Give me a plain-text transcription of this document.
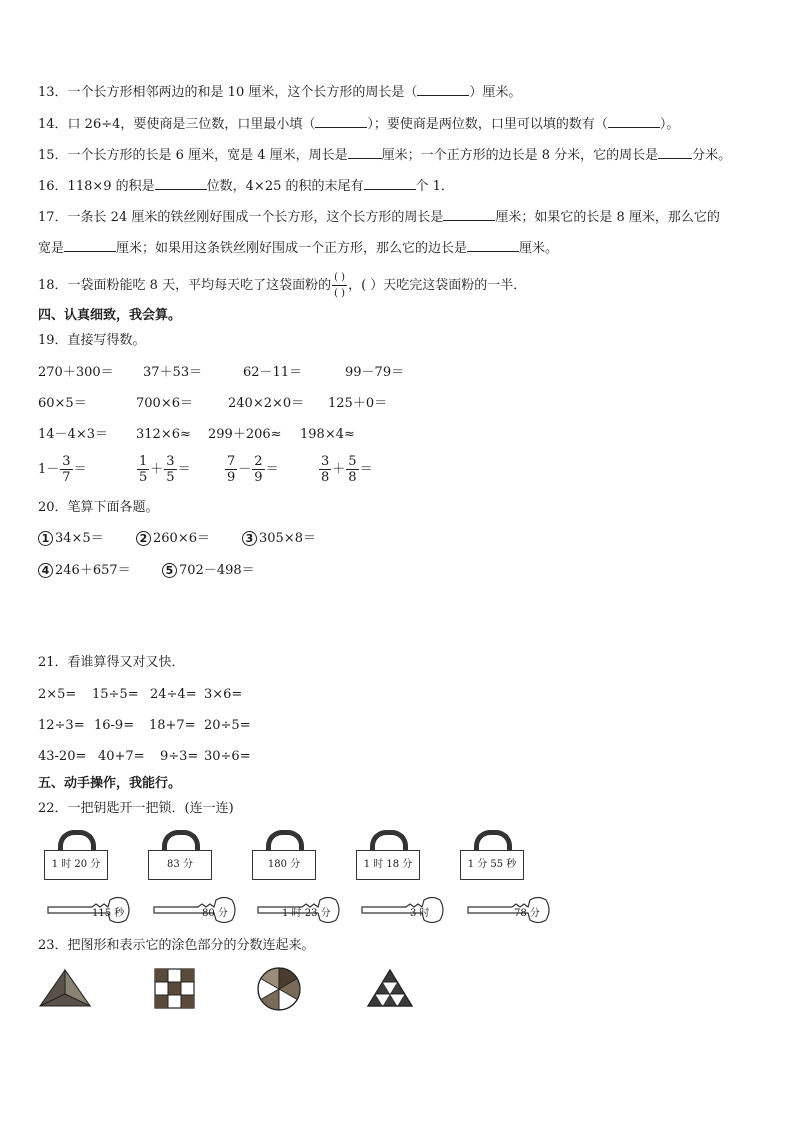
13．一个长方形相邻两边的和是 10 厘米，这个长方形的周长是（	）厘米。
14．口 26÷4，要使商是三位数，口里最小填（	）；要使商是两位数，口里可以填的数有（	）。
15．一个长方形的长是 6 厘米，宽是 4 厘米，周长是	厘米；一个正方形的边长是 8 分米，它的周长是	分米。
16．118×9 的积是	位数，4×25 的积的末尾有	个 1．
17．一条长 24 厘米的铁丝刚好围成一个长方形，这个长方形的周长是	厘米；如果它的长是 8 厘米，那么它的
宽是	厘米；如果用这条铁丝刚好围成一个正方形，那么它的边长是	厘米。
18．一袋面粉能吃 8 天，平均每天吃了这袋面粉的 $\frac{( )}{( )}$ ，( ）天吃完这袋面粉的一半．
四、认真细致，我会算。
19．直接写得数。
270＋300＝ 37＋53＝	62－11＝	99－79＝
60×5＝	700×6＝	240×2×0＝ 125＋0＝
14－4×3＝ 312×6≈ 299＋206≈ 198×4≈
$1- \frac{3}{7}$ ＝	$\frac{1}{5} + \frac{3}{5}$ ＝	$\frac{7}{9} - \frac{2}{9}$ ＝	$\frac{3}{8} + \frac{5}{8}$ ＝
20．笔算下面各题。
1 34×5＝	2 260×6＝	3 305×8＝
4 246＋657＝	5 702－498＝
21．看谁算得又对又快．
2×5= 15÷5= 24÷4= 3×6=
12÷3= 16-9= 18+7= 20÷5=
43-20= 40+7= 9÷3= 30÷6=
五、动手操作，我能行。
22．一把钥匙开一把锁．(连一连)
1 时 20 分	83 分	180 分	1 时 18 分	1 分 55 秒
115 秒	80 分	1 时 23 分	3 时	78 分
23．把图形和表示它的涂色部分的分数连起来。
